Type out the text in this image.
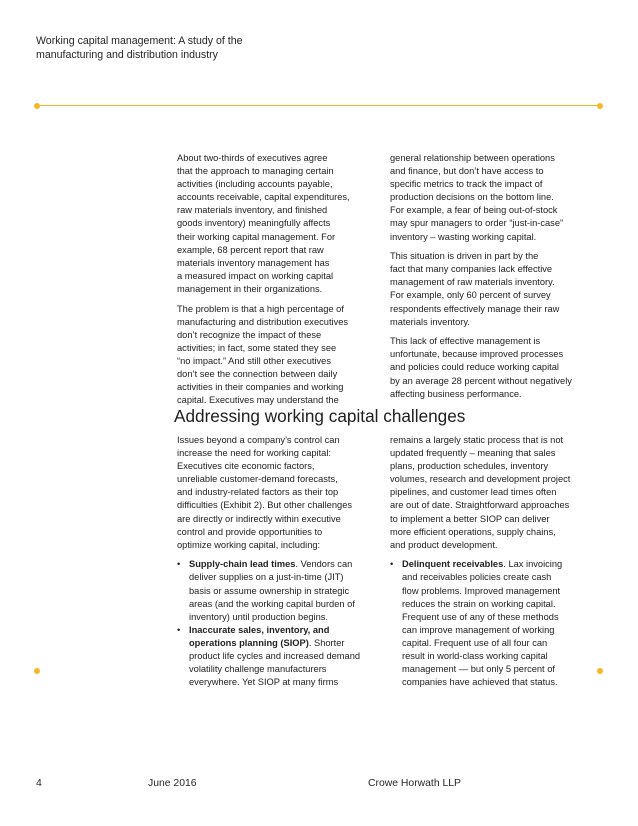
Working capital management: A study of the
manufacturing and distribution industry

About two-thirds of executives agree
that the approach to managing certain
activities (including accounts payable,
accounts receivable, capital expenditures,
raw materials inventory, and finished
goods inventory) meaningfully affects
their working capital management. For
example, 68 percent report that raw
materials inventory management has
a measured impact on working capital
management in their organizations.

The problem is that a high percentage of
manufacturing and distribution executives
don’t recognize the impact of these
activities; in fact, some stated they see
“no impact.” And still other executives
don’t see the connection between daily
activities in their companies and working
capital. Executives may understand the

general relationship between operations
and finance, but don’t have access to
specific metrics to track the impact of
production decisions on the bottom line.
For example, a fear of being out-of-stock
may spur managers to order “just-in-case”
inventory – wasting working capital.

This situation is driven in part by the
fact that many companies lack effective
management of raw materials inventory.
For example, only 60 percent of survey
respondents effectively manage their raw
materials inventory.

This lack of effective management is
unfortunate, because improved processes
and policies could reduce working capital
by an average 28 percent without negatively
affecting business performance.

Addressing working capital challenges

Issues beyond a company’s control can
increase the need for working capital:
Executives cite economic factors,
unreliable customer-demand forecasts,
and industry-related factors as their top
difficulties (Exhibit 2). But other challenges
are directly or indirectly within executive
control and provide opportunities to
optimize working capital, including:

• Supply-chain lead times. Vendors can
deliver supplies on a just-in-time (JIT)
basis or assume ownership in strategic
areas (and the working capital burden of
inventory) until production begins.
• Inaccurate sales, inventory, and
operations planning (SIOP). Shorter
product life cycles and increased demand
volatility challenge manufacturers
everywhere. Yet SIOP at many firms

remains a largely static process that is not
updated frequently – meaning that sales
plans, production schedules, inventory
volumes, research and development project
pipelines, and customer lead times often
are out of date. Straightforward approaches
to implement a better SIOP can deliver
more efficient operations, supply chains,
and product development.

• Delinquent receivables. Lax invoicing
and receivables policies create cash
flow problems. Improved management
reduces the strain on working capital.
Frequent use of any of these methods
can improve management of working
capital. Frequent use of all four can
result in world-class working capital
management — but only 5 percent of
companies have achieved that status.
4	June 2016	Crowe Horwath LLP
